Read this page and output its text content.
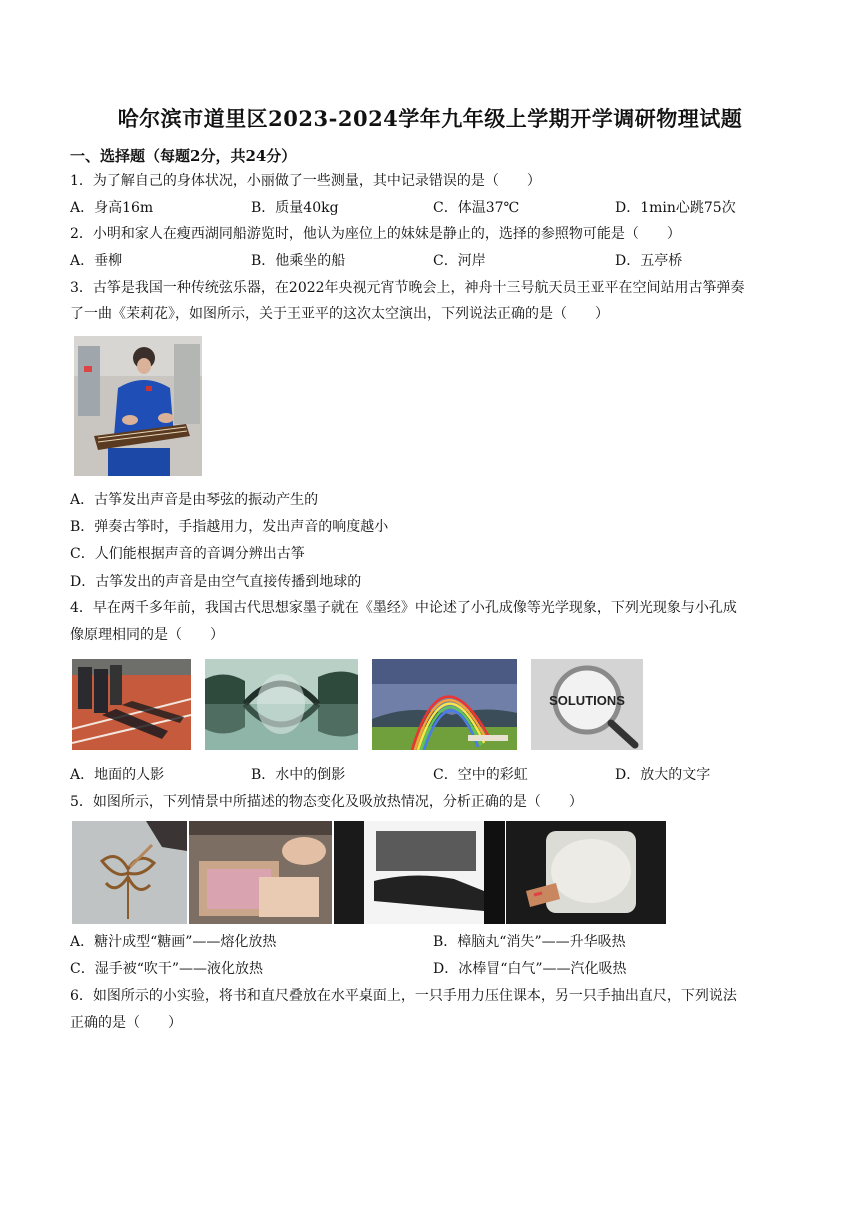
哈尔滨市道里区2023-2024学年九年级上学期开学调研物理试题
一、选择题（每题2分，共24分）
1．为了解自己的身体状况，小丽做了一些测量，其中记录错误的是（　　）
A．身高16m	B．质量40kg	C．体温37℃	D．1min心跳75次
2．小明和家人在瘦西湖同船游览时，他认为座位上的妹妹是静止的，选择的参照物可能是（　　）
A．垂柳	B．他乘坐的船	C．河岸	D．五亭桥
3．古筝是我国一种传统弦乐器，在2022年央视元宵节晚会上，神舟十三号航天员王亚平在空间站用古筝弹奏
了一曲《茉莉花》，如图所示，关于王亚平的这次太空演出，下列说法正确的是（　　）
A．古筝发出声音是由琴弦的振动产生的
B．弹奏古筝时，手指越用力，发出声音的响度越小
C．人们能根据声音的音调分辨出古筝
D．古筝发出的声音是由空气直接传播到地球的
4．早在两千多年前，我国古代思想家墨子就在《墨经》中论述了小孔成像等光学现象，下列光现象与小孔成
像原理相同的是（　　）
SOLUTIONS
A．地面的人影	B．水中的倒影	C．空中的彩虹	D．放大的文字
5．如图所示，下列情景中所描述的物态变化及吸放热情况，分析正确的是（　　）
A．糖汁成型“糖画”——熔化放热	B．樟脑丸“消失”——升华吸热
C．湿手被“吹干”——液化放热	D．冰棒冒“白气”——汽化吸热
6．如图所示的小实验，将书和直尺叠放在水平桌面上，一只手用力压住课本，另一只手抽出直尺，下列说法
正确的是（　　）
